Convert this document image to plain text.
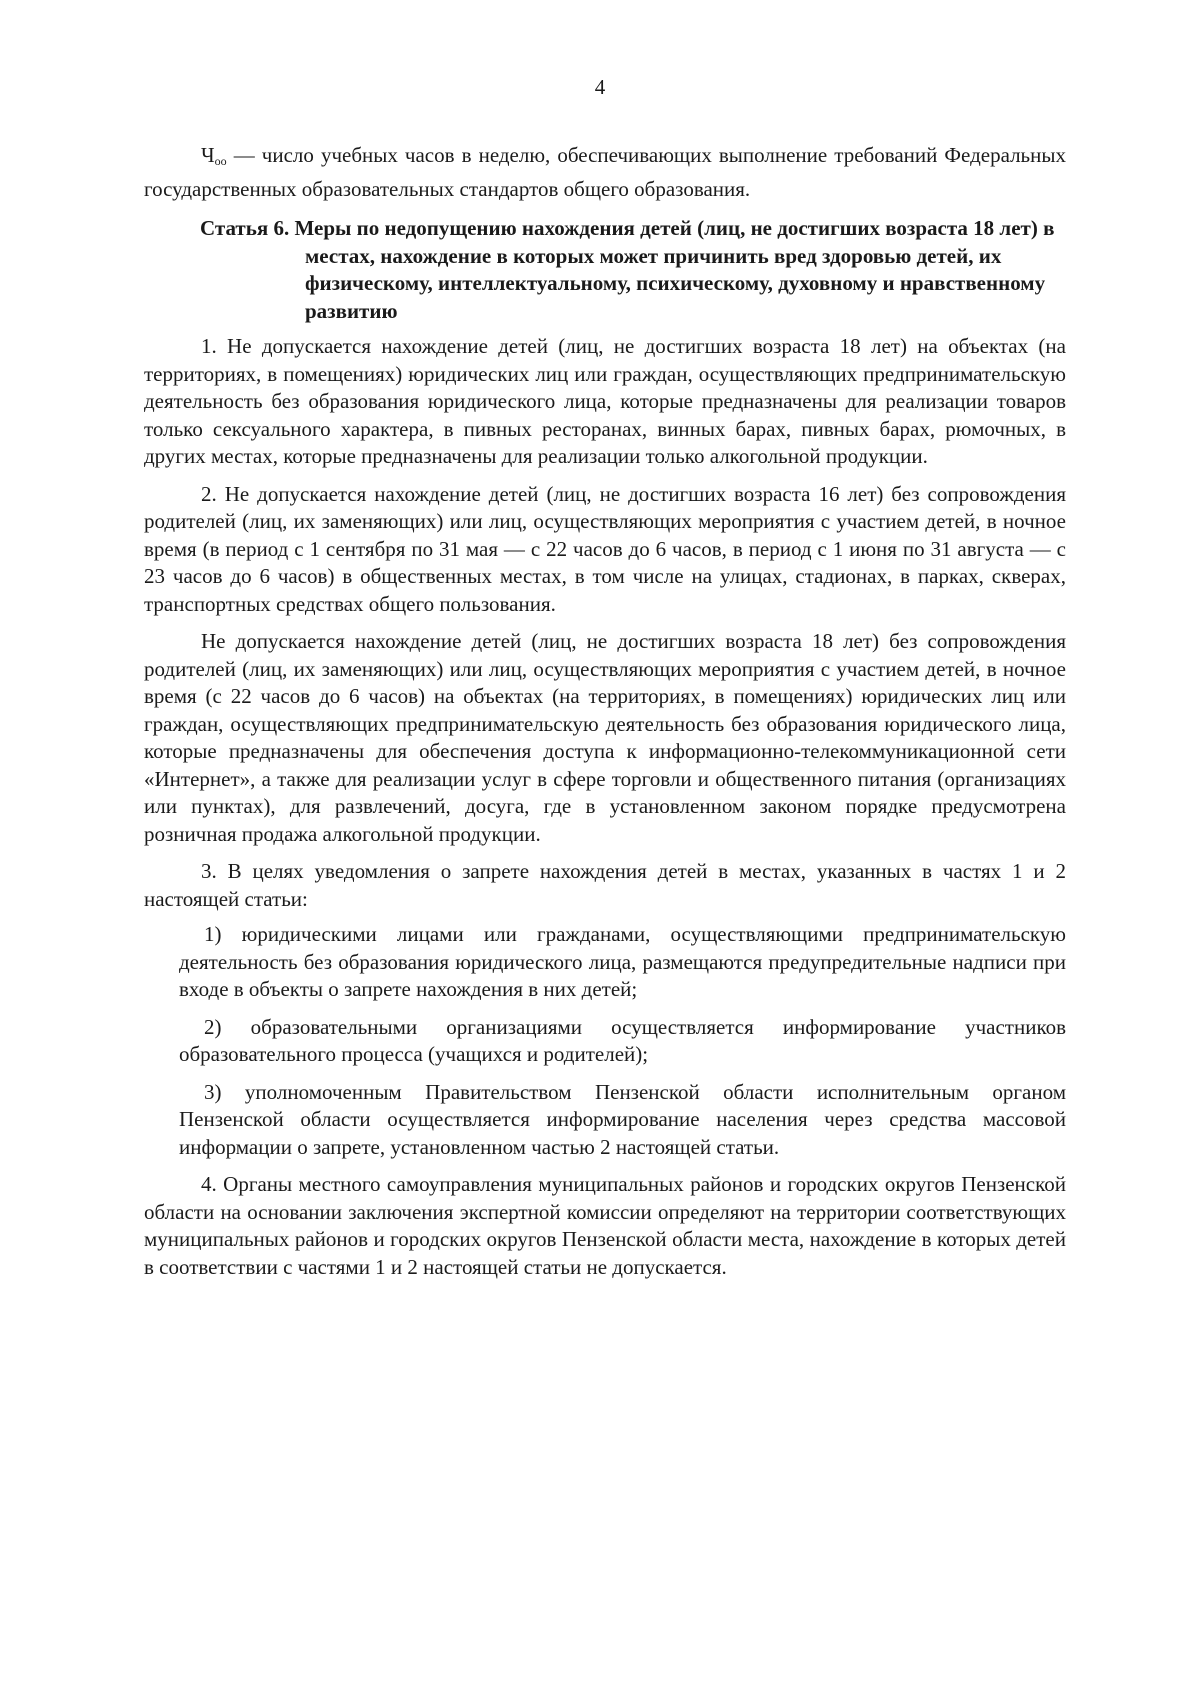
4

Чоо — число учебных часов в неделю, обеспечивающих выполнение требований Федеральных государственных образовательных стандартов общего образования.

Статья 6. Меры по недопущению нахождения детей (лиц, не достигших возраста 18 лет) в местах, нахождение в которых может причинить вред здоровью детей, их физическому, интеллектуальному, психическому, духовному и нравственному развитию

1. Не допускается нахождение детей (лиц, не достигших возраста 18 лет) на объектах (на территориях, в помещениях) юридических лиц или граждан, осуществляющих предпринимательскую деятельность без образования юридического лица, которые предназначены для реализации товаров только сексуального характера, в пивных ресторанах, винных барах, пивных барах, рюмочных, в других местах, которые предназначены для реализации только алкогольной продукции.

2. Не допускается нахождение детей (лиц, не достигших возраста 16 лет) без сопровождения родителей (лиц, их заменяющих) или лиц, осуществляющих мероприятия с участием детей, в ночное время (в период с 1 сентября по 31 мая — с 22 часов до 6 часов, в период с 1 июня по 31 августа — с 23 часов до 6 часов) в общественных местах, в том числе на улицах, стадионах, в парках, скверах, транспортных средствах общего пользования.

Не допускается нахождение детей (лиц, не достигших возраста 18 лет) без сопровождения родителей (лиц, их заменяющих) или лиц, осуществляющих мероприятия с участием детей, в ночное время (с 22 часов до 6 часов) на объектах (на территориях, в помещениях) юридических лиц или граждан, осуществляющих предпринимательскую деятельность без образования юридического лица, которые предназначены для обеспечения доступа к информационно-телекоммуникационной сети «Интернет», а также для реализации услуг в сфере торговли и общественного питания (организациях или пунктах), для развлечений, досуга, где в установленном законом порядке предусмотрена розничная продажа алкогольной продукции.

3. В целях уведомления о запрете нахождения детей в местах, указанных в частях 1 и 2 настоящей статьи:

1) юридическими лицами или гражданами, осуществляющими предпринимательскую деятельность без образования юридического лица, размещаются предупредительные надписи при входе в объекты о запрете нахождения в них детей;

2) образовательными организациями осуществляется информирование участников образовательного процесса (учащихся и родителей);

3) уполномоченным Правительством Пензенской области исполнительным органом Пензенской области осуществляется информирование населения через средства массовой информации о запрете, установленном частью 2 настоящей статьи.

4. Органы местного самоуправления муниципальных районов и городских округов Пензенской области на основании заключения экспертной комиссии определяют на территории соответствующих муниципальных районов и городских округов Пензенской области места, нахождение в которых детей в соответствии с частями 1 и 2 настоящей статьи не допускается.
